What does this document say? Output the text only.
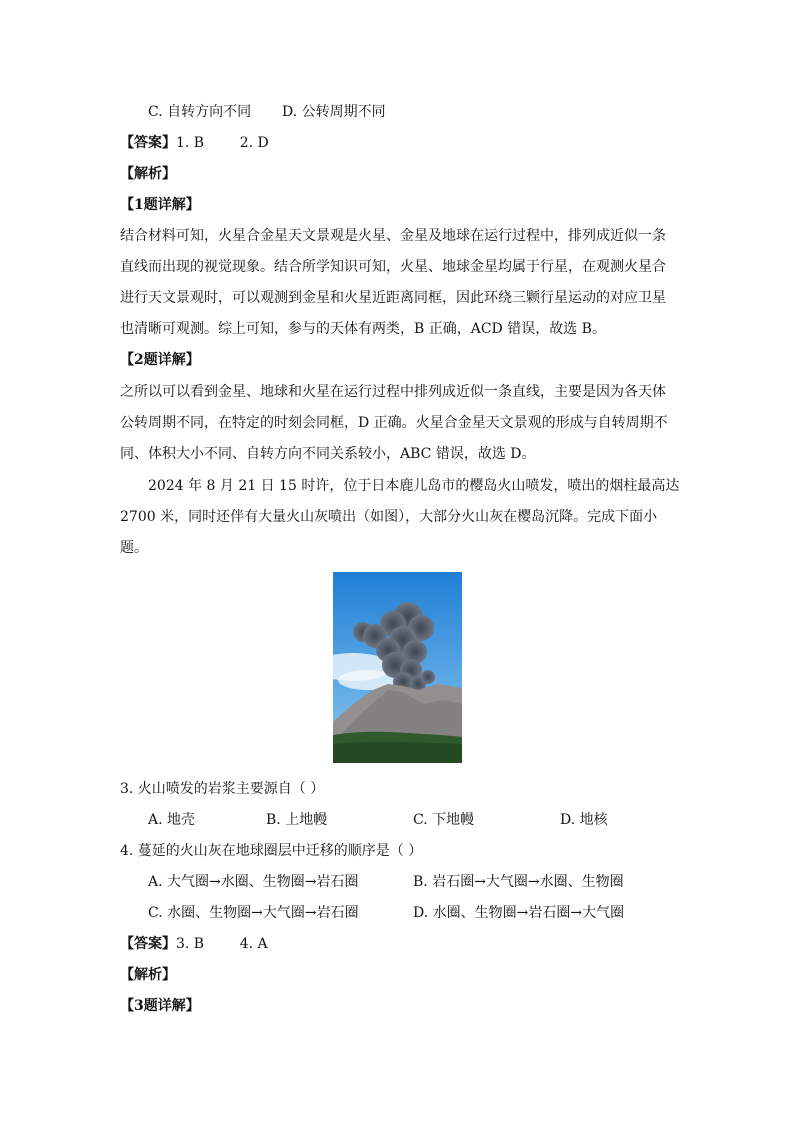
C. 自转方向不同 D. 公转周期不同
【答案】1. B        2. D
【解析】
【1题详解】
结合材料可知，火星合金星天文景观是火星、金星及地球在运行过程中，排列成近似一条
直线而出现的视觉现象。结合所学知识可知，火星、地球金星均属于行星，在观测火星合
进行天文景观时，可以观测到金星和火星近距离同框，因此环绕三颗行星运动的对应卫星
也清晰可观测。综上可知，参与的天体有两类，B 正确，ACD 错误，故选 B。
【2题详解】
之所以可以看到金星、地球和火星在运行过程中排列成近似一条直线，主要是因为各天体
公转周期不同，在特定的时刻会同框，D 正确。火星合金星天文景观的形成与自转周期不
同、体积大小不同、自转方向不同关系较小，ABC 错误，故选 D。
2024 年 8 月 21 日 15 时许，位于日本鹿儿岛市的樱岛火山喷发，喷出的烟柱最高达
2700 米，同时还伴有大量火山灰喷出（如图），大部分火山灰在樱岛沉降。完成下面小
题。
3. 火山喷发的岩浆主要源自（ ）
A. 地壳	B. 上地幔	C. 下地幔	D. 地核
4. 蔓延的火山灰在地球圈层中迁移的顺序是（ ）
A. 大气圈→水圈、生物圈→岩石圈	B. 岩石圈→大气圈→水圈、生物圈
C. 水圈、生物圈→大气圈→岩石圈	D. 水圈、生物圈→岩石圈→大气圈
【答案】3. B        4. A
【解析】
【3题详解】
